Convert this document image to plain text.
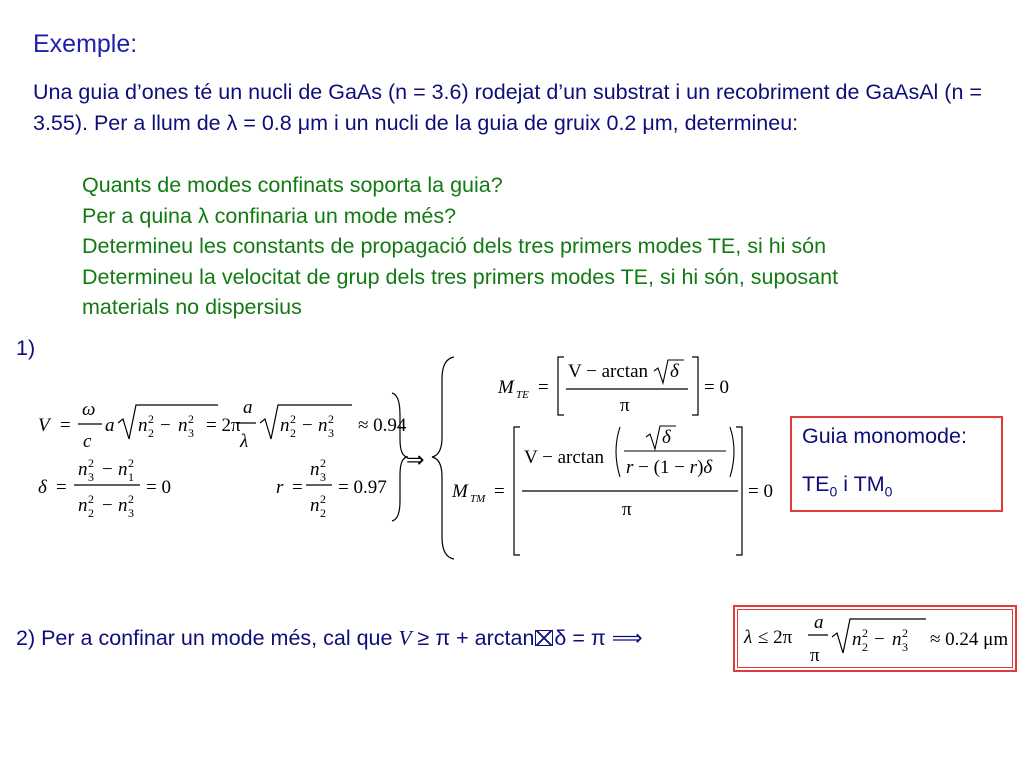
Exemple:
Una guia d’ones té un nucli de GaAs (n = 3.6) rodejat d’un substrat i un recobriment de GaAsAl (n = 3.55). Per a llum de λ = 0.8 μm i un nucli de la guia de gruix 0.2 μm, determineu:
Quants de modes confinats soporta la guia?
Per a quina λ confinaria un mode més?
Determineu les constants de propagació dels tres primers modes TE, si hi són
Determineu la velocitat de grup dels tres primers modes TE, si hi són, suposant
materials no dispersius
1)
V =
ω
c
a n 2
2 − n 2
3 = 2π
a
λ
n 2
2 − n 2
3 ≈ 0.94
δ =
n 2
3 − n 2
1
n 2
2 − n 2
3
= 0	r =
n 2
3
n 2
2
= 0.97
⇒
M TE =
V − arctan δ
π
= 0
M TM =
V − arctan
δ
r − (1 − r)δ
π
= 0
Guia monomode:
$TE_0$ i $TM_0$
2) Per a confinar un mode més, cal que V ≥ π + arctan δ = π ⟹	λ ≤ 2π
a
π
n 2
2 − n 2
3 ≈ 0.24 μm
